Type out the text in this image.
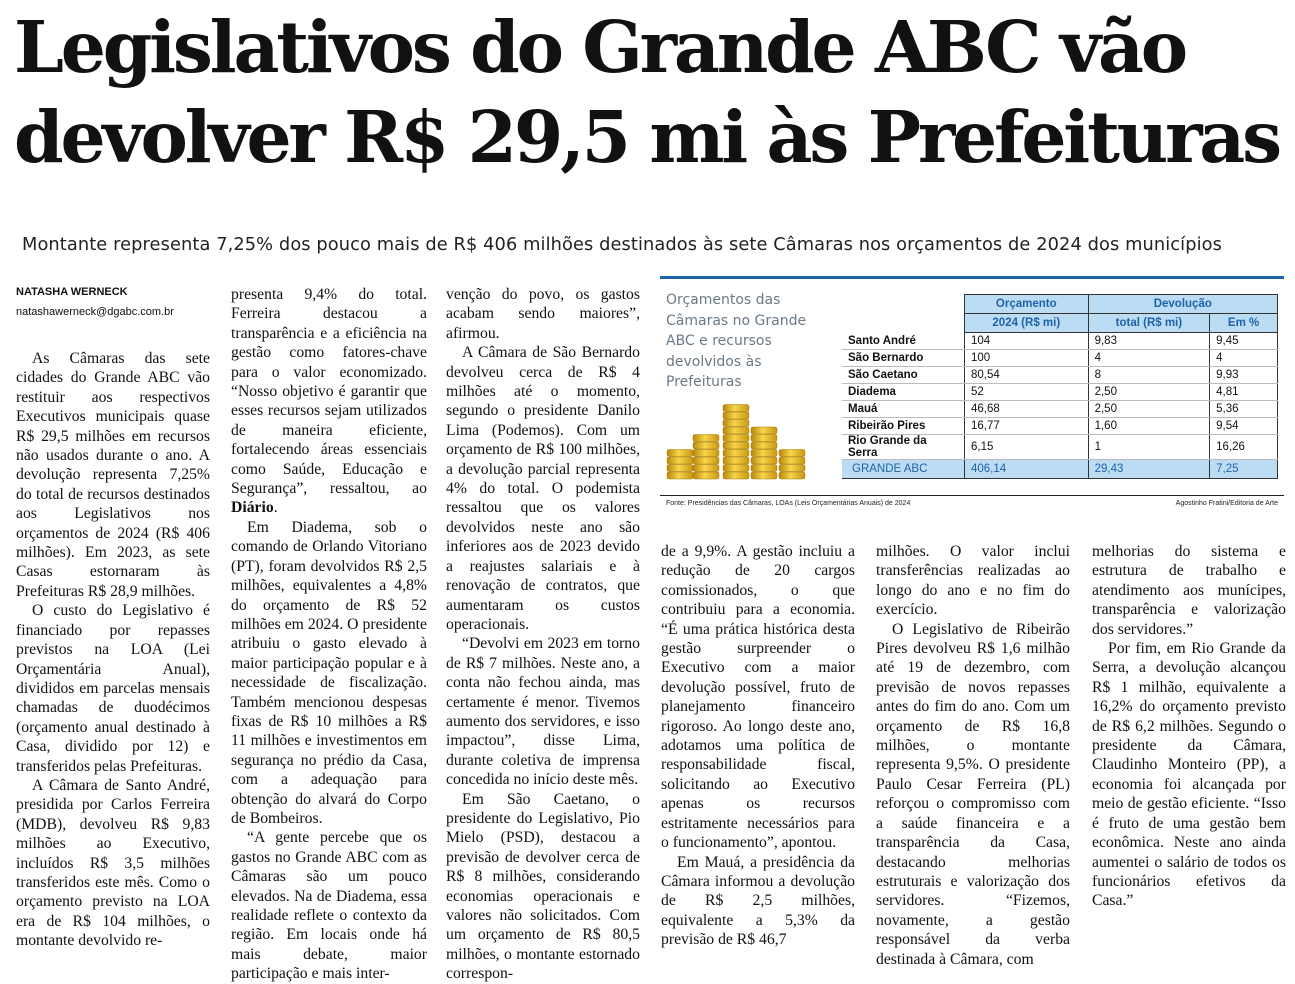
Legislativos do Grande ABC vão
devolver R$ 29,5 mi às Prefeituras

Montante representa 7,25% dos pouco mais de R$ 406 milhões destinados às sete Câmaras nos orçamentos de 2024 dos municípios

NATASHA WERNECK
natashawerneck@dgabc.com.br

As Câmaras das sete cidades do Grande ABC vão restituir aos respectivos Executivos municipais quase R$ 29,5 milhões em recursos não usados durante o ano. A devolução representa 7,25% do total de recursos destinados aos Legislativos nos orçamentos de 2024 (R$ 406 milhões). Em 2023, as sete Casas estornaram às Prefeituras R$ 28,9 milhões.

O custo do Legislativo é financiado por repasses previstos na LOA (Lei Orçamentária Anual), divididos em parcelas mensais chamadas de duodécimos (orçamento anual destinado à Casa, dividido por 12) e transferidos pelas Prefeituras.

A Câmara de Santo André, presidida por Carlos Ferreira (MDB), devolveu R$ 9,83 milhões ao Executivo, incluídos R$ 3,5 milhões transferidos este mês. Como o orçamento previsto na LOA era de R$ 104 milhões, o montante devolvido re-

presenta 9,4% do total. Ferreira destacou a transparência e a eficiência na gestão como fatores-chave para o valor economizado. “Nosso objetivo é garantir que esses recursos sejam utilizados de maneira eficiente, fortalecendo áreas essenciais como Saúde, Educação e Segurança”, ressaltou, ao Diário.

Em Diadema, sob o comando de Orlando Vitoriano (PT), foram devolvidos R$ 2,5 milhões, equivalentes a 4,8% do orçamento de R$ 52 milhões em 2024. O presidente atribuiu o gasto elevado à maior participação popular e à necessidade de fiscalização. Também mencionou despesas fixas de R$ 10 milhões a R$ 11 milhões e investimentos em segurança no prédio da Casa, com a adequação para obtenção do alvará do Corpo de Bombeiros.

“A gente percebe que os gastos no Grande ABC com as Câmaras são um pouco elevados. Na de Diadema, essa realidade reflete o contexto da região. Em locais onde há mais debate, maior participação e mais inter-

venção do povo, os gastos acabam sendo maiores”, afirmou.

A Câmara de São Bernardo devolveu cerca de R$ 4 milhões até o momento, segundo o presidente Danilo Lima (Podemos). Com um orçamento de R$ 100 milhões, a devolução parcial representa 4% do total. O podemista ressaltou que os valores devolvidos neste ano são inferiores aos de 2023 devido a reajustes salariais e à renovação de contratos, que aumentaram os custos operacionais.

“Devolvi em 2023 em torno de R$ 7 milhões. Neste ano, a conta não fechou ainda, mas certamente é menor. Tivemos aumento dos servidores, e isso impactou”, disse Lima, durante coletiva de imprensa concedida no início deste mês.

Em São Caetano, o presidente do Legislativo, Pio Mielo (PSD), destacou a previsão de devolver cerca de R$ 8 milhões, considerando economias operacionais e valores não solicitados. Com um orçamento de R$ 80,5 milhões, o montante estornado correspon-

de a 9,9%. A gestão incluiu a redução de 20 cargos comissionados, o que contribuiu para a economia. “É uma prática histórica desta gestão surpreender o Executivo com a maior devolução possível, fruto de planejamento financeiro rigoroso. Ao longo deste ano, adotamos uma política de responsabilidade fiscal, solicitando ao Executivo apenas os recursos estritamente necessários para o funcionamento”, apontou.

Em Mauá, a presidência da Câmara informou a devolução de R$ 2,5 milhões, equivalente a 5,3% da previsão de R$ 46,7

milhões. O valor inclui transferências realizadas ao longo do ano e no fim do exercício.

O Legislativo de Ribeirão Pires devolveu R$ 1,6 milhão até 19 de dezembro, com previsão de novos repasses antes do fim do ano. Com um orçamento de R$ 16,8 milhões, o montante representa 9,5%. O presidente Paulo Cesar Ferreira (PL) reforçou o compromisso com a saúde financeira e a transparência da Casa, destacando melhorias estruturais e valorização dos servidores. “Fizemos, novamente, a gestão responsável da verba destinada à Câmara, com

melhorias do sistema e estrutura de trabalho e atendimento aos munícipes, transparência e valorização dos servidores.”

Por fim, em Rio Grande da Serra, a devolução alcançou R$ 1 milhão, equivalente a 16,2% do orçamento previsto de R$ 6,2 milhões. Segundo o presidente da Câmara, Claudinho Monteiro (PP), a economia foi alcançada por meio de gestão eficiente. “Isso é fruto de uma gestão bem econômica. Neste ano ainda aumentei o salário de todos os funcionários efetivos da Casa.”

Orçamentos das Câmaras no Grande ABC e recursos devolvidos às Prefeituras

	Orçamento	Devolução	
	2024 (R$ mi)	total (R$ mi)	Em %
Santo André	104	9,83	9,45
São Bernardo	100	4	4
São Caetano	80,54	8	9,93
Diadema	52	2,50	4,81
Mauá	46,68	2,50	5,36
Ribeirão Pires	16,77	1,60	9,54
Rio Grande da Serra	6,15	1	16,26
GRANDE ABC	406,14	29,43	7,25
Fonte: Presidências das Câmaras, LOAs (Leis Orçamentárias Anuais) de 2024	Agostinho Fratini/Editoria de Arte
